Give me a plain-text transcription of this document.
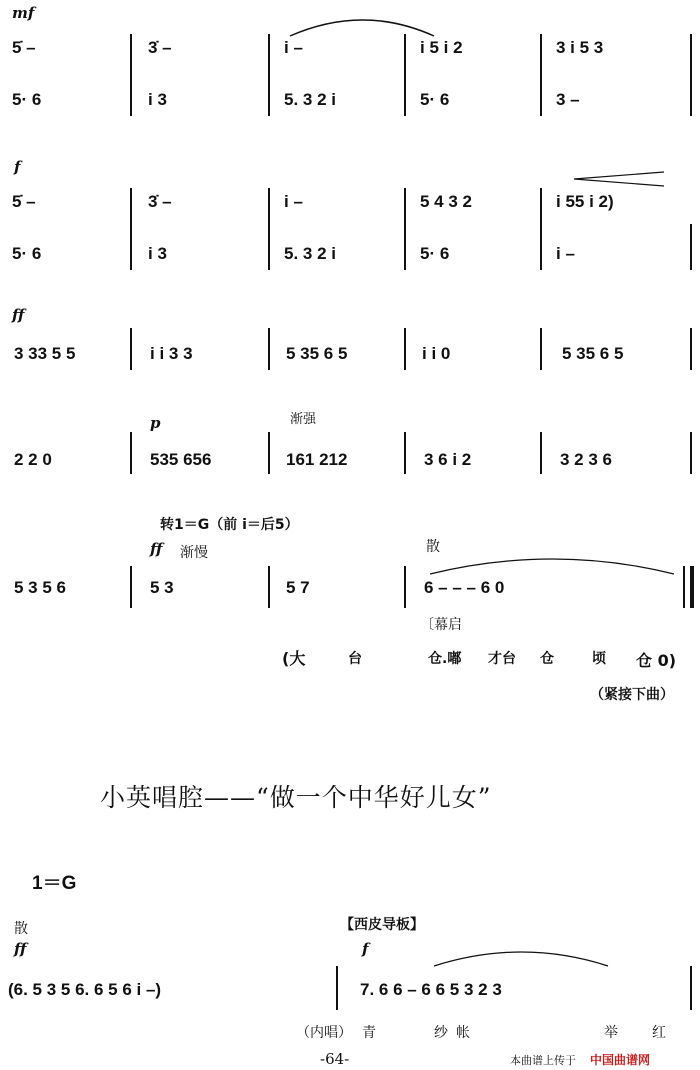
mf
5̇ –	3̇ –	i –	i 5 i 2	3 i 5 3
5· 6	i 3	5. 3 2 i	5· 6	3 –
f
5̇ –	3̇ –	i –	5 4 3 2	i 55 i 2)
5· 6	i 3	5. 3 2 i	5· 6	i –
ff
3 33 5 5	i i 3 3	5 35 6 5	i i 0	5 35 6 5
p	渐强
2 2 0	535 656	161 212	3 6 i 2	3 2 3 6
转1＝G（前 i＝后5）
ff 渐慢	散
5 3 5 6	5 3	5 7	6 – – – 6 0
〔幕启
(大	台	仓.嘟 才台 仓	顷 仓 0)
（紧接下曲）
小英唱腔——“做一个中华好儿女”
1＝G
散
ff
【西皮导板】
f
(6. 5 3 5 6. 6 5 6 i –)	7. 6 6 – 6 6 5 3 2 3
（内唱） 青	纱帐	举 红
-64-	本曲谱上传于 中国曲谱网
